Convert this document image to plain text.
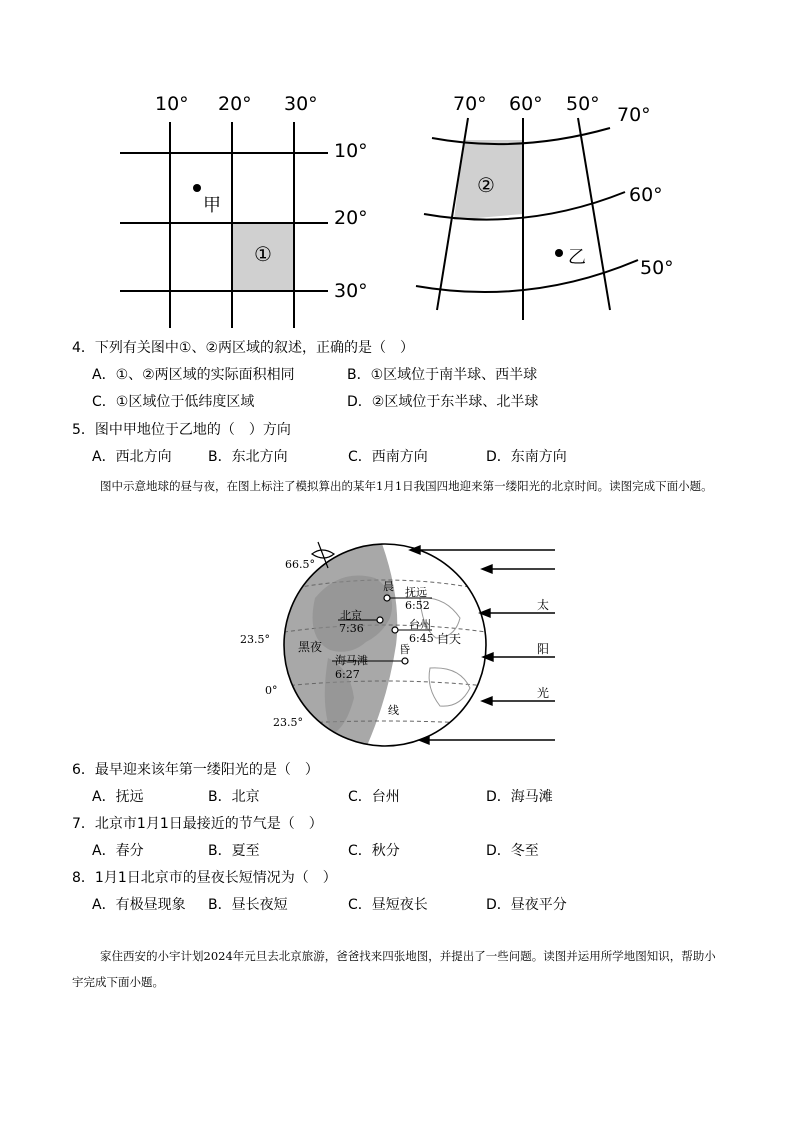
10° 20° 30°
10°
20°
30°
甲
①
70° 60° 50° 70°
60°
50°
乙
②
4．下列有关图中①、②两区域的叙述，正确的是（　）
A．①、②两区域的实际面积相同	B．①区域位于南半球、西半球
C．①区域位于低纬度区域	D．②区域位于东半球、北半球
5．图中甲地位于乙地的（　）方向
A．西北方向	B．东北方向	C．西南方向	D．东南方向
图中示意地球的昼与夜，在图上标注了模拟算出的某年1月1日我国四地迎来第一缕阳光的北京时间。读图完成下面小题。
66.5°
23.5°
0°
23.5°
黑夜
白天
晨
昏
线
抚远
6:52
北京
7:36	台州
6:45
海马滩
6:27
太
阳
光
6．最早迎来该年第一缕阳光的是（　）
A．抚远	B．北京	C．台州	D．海马滩
7．北京市1月1日最接近的节气是（　）
A．春分	B．夏至	C．秋分	D．冬至
8．1月1日北京市的昼夜长短情况为（　）
A．有极昼现象 B．昼长夜短	C．昼短夜长	D．昼夜平分
家住西安的小宇计划2024年元旦去北京旅游，爸爸找来四张地图，并提出了一些问题。读图并运用所学地图知识，帮助小宇完成下面小题。
